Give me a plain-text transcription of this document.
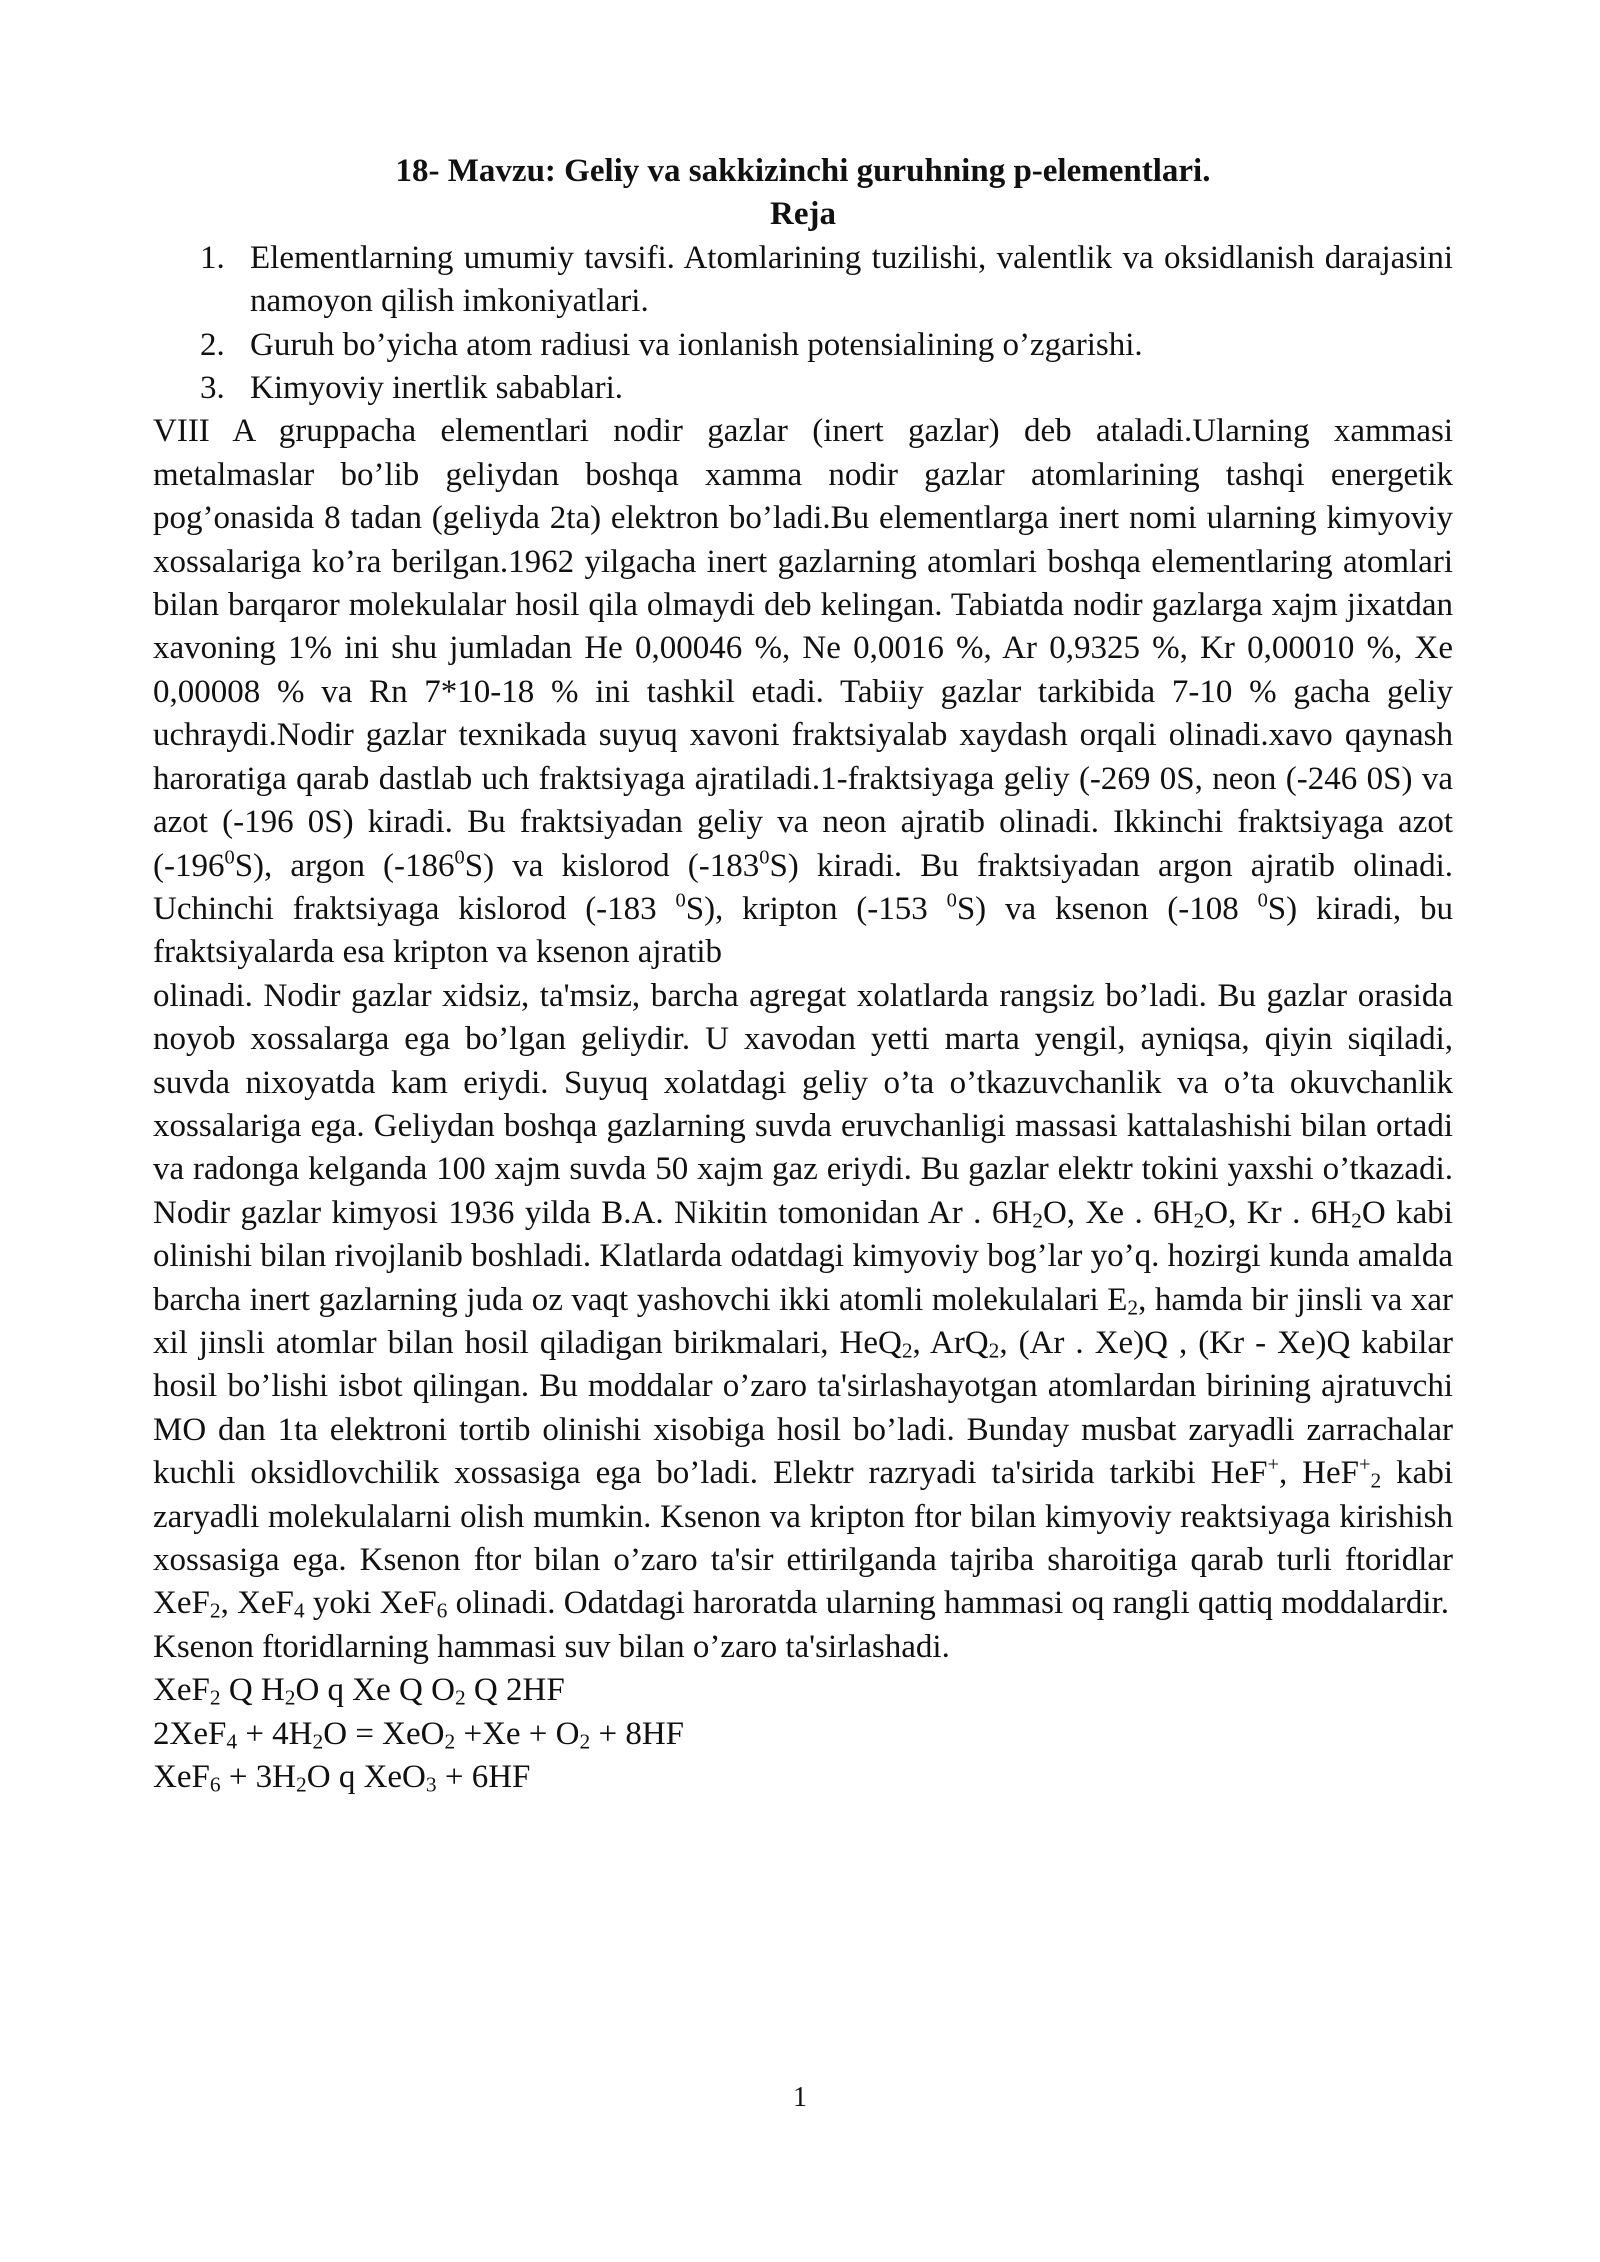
18- Mavzu: Geliy va sakkizinchi guruhning p-elementlari.

Reja

1. Elementlarning umumiy tavsifi. Atomlarining tuzilishi, valentlik va oksidlanish darajasini namoyon qilish imkoniyatlari.
2. Guruh bo’yicha atom radiusi va ionlanish potensialining o’zgarishi.
3. Kimyoviy inertlik sabablari.

VIII A gruppacha elementlari nodir gazlar (inert gazlar) deb ataladi.Ularning xammasi metalmaslar bo’lib geliydan boshqa xamma nodir gazlar atomlarining tashqi energetik pog’onasida 8 tadan (geliyda 2ta) elektron bo’ladi.Bu elementlarga inert nomi ularning kimyoviy xossalariga ko’ra berilgan.1962 yilgacha inert gazlarning atomlari boshqa elementlaring atomlari bilan barqaror molekulalar hosil qila olmaydi deb kelingan. Tabiatda nodir gazlarga xajm jixatdan xavoning 1% ini shu jumladan He 0,00046 %, Ne 0,0016 %, Ar 0,9325 %, Kr 0,00010 %, Xe 0,00008 % va Rn 7*10-18 % ini tashkil etadi. Tabiiy gazlar tarkibida 7-10 % gacha geliy uchraydi.Nodir gazlar texnikada suyuq xavoni fraktsiyalab xaydash orqali olinadi.xavo qaynash haroratiga qarab dastlab uch fraktsiyaga ajratiladi.1-fraktsiyaga geliy (-269 0S, neon (-246 0S) va azot (-196 0S) kiradi. Bu fraktsiyadan geliy va neon ajratib olinadi. Ikkinchi fraktsiyaga azot $(-196^0S)$, argon $(-186^0S)$ va kislorod $(-183^0S)$ kiradi. Bu fraktsiyadan argon ajratib olinadi. Uchinchi fraktsiyaga kislorod (-183 $^0$S), kripton (-153 $^0$S) va ksenon (-108 $^0$S) kiradi, bu fraktsiyalarda esa kripton va ksenon ajratib

olinadi. Nodir gazlar xidsiz, ta'msiz, barcha agregat xolatlarda rangsiz bo’ladi. Bu gazlar orasida noyob xossalarga ega bo’lgan geliydir. U xavodan yetti marta yengil, ayniqsa, qiyin siqiladi, suvda nixoyatda kam eriydi. Suyuq xolatdagi geliy o’ta o’tkazuvchanlik va o’ta okuvchanlik xossalariga ega. Geliydan boshqa gazlarning suvda eruvchanligi massasi kattalashishi bilan ortadi va radonga kelganda 100 xajm suvda 50 xajm gaz eriydi. Bu gazlar elektr tokini yaxshi o’tkazadi. Nodir gazlar kimyosi 1936 yilda B.A. Nikitin tomonidan Ar . $6H_2O$, Xe . $6H_2O$, Kr . $6H_2O$ kabi olinishi bilan rivojlanib boshladi. Klatlarda odatdagi kimyoviy bog’lar yo’q. hozirgi kunda amalda barcha inert gazlarning juda oz vaqt yashovchi ikki atomli molekulalari $E_2$, hamda bir jinsli va xar xil jinsli atomlar bilan hosil qiladigan birikmalari, HeQ$_2$, ArQ$_2$, (Ar . Xe)Q , (Kr - Xe)Q kabilar hosil bo’lishi isbot qilingan. Bu moddalar o’zaro ta'sirlashayotgan atomlardan birining ajratuvchi MO dan 1ta elektroni tortib olinishi xisobiga hosil bo’ladi. Bunday musbat zaryadli zarrachalar kuchli oksidlovchilik xossasiga ega bo’ladi. Elektr razryadi ta'sirida tarkibi HeF+, HeF+$_2$ kabi zaryadli molekulalarni olish mumkin. Ksenon va kripton ftor bilan kimyoviy reaktsiyaga kirishish xossasiga ega. Ksenon ftor bilan o’zaro ta'sir ettirilganda tajriba sharoitiga qarab turli ftoridlar XeF$_2$, XeF$_4$ yoki XeF$_6$ olinadi. Odatdagi haroratda ularning hammasi oq rangli qattiq moddalardir.

Ksenon ftoridlarning hammasi suv bilan o’zaro ta'sirlashadi.

XeF$_2$ Q $H_2O$ q Xe Q $O_2$ Q 2HF

$2XeF_4 + 4H_2O = XeO_2 +Xe + O_2 + 8HF$

$XeF_6 + 3H_2O$ q XeO$_3$ + 6HF

1
